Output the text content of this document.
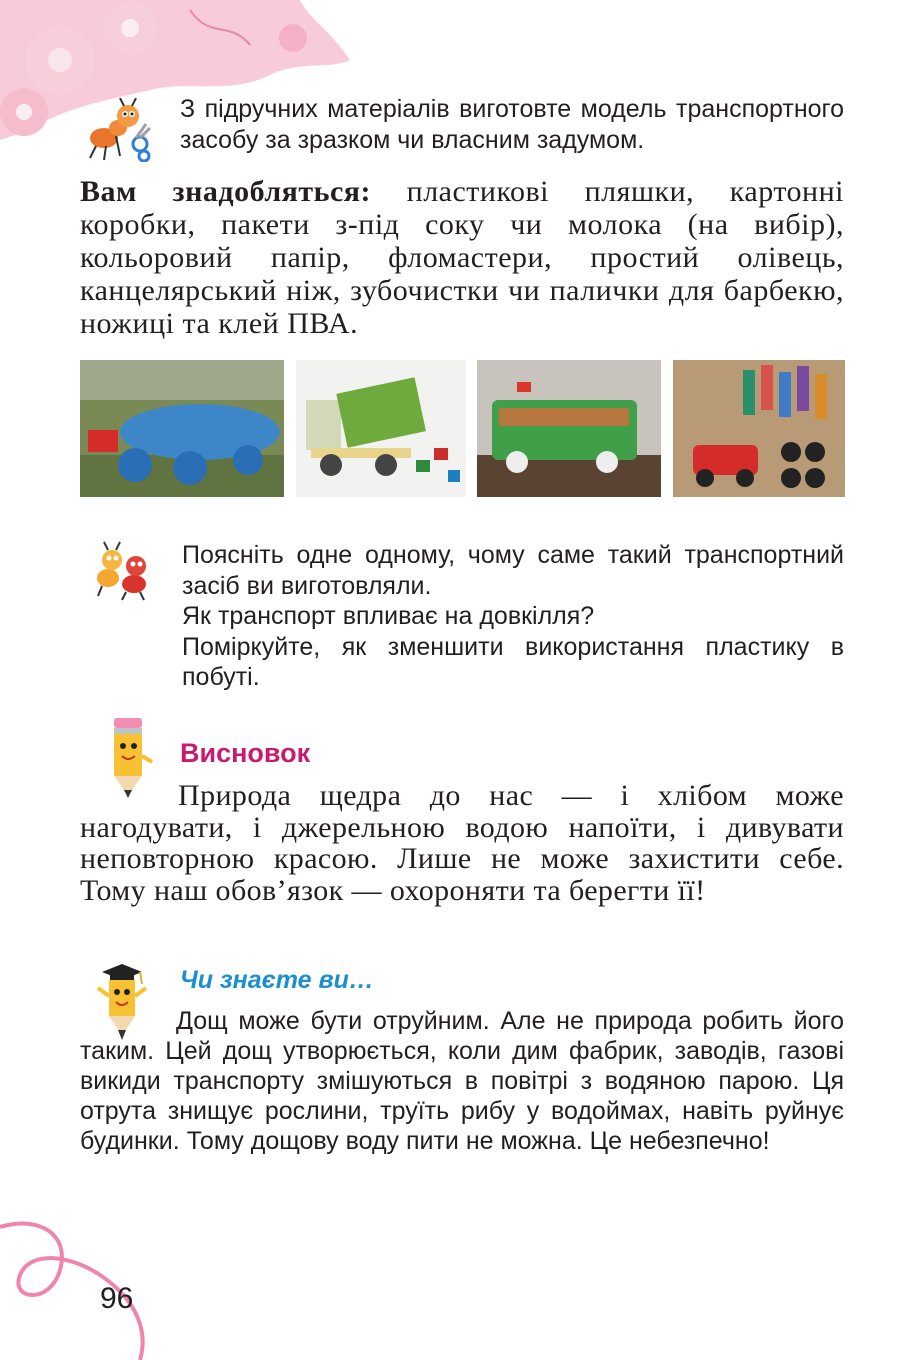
З підручних матеріалів виготовте модель транспортного засобу за зразком чи власним задумом.
Вам знадобляться: пластикові пляшки, картонні коробки, пакети з-під соку чи молока (на вибір), кольоровий папір, фломастери, простий олівець, канцелярський ніж, зубочистки чи палички для барбекю, ножиці та клей ПВА.

Поясніть одне одному, чому саме такий транспортний засіб ви виготовляли.

Як транспорт впливає на довкілля?

Поміркуйте, як зменшити використання пластику в побуті.

Висновок
Природа щедра до нас — і хлібом може нагодувати, і джерельною водою напоїти, і дивувати неповторною красою. Лише не може захистити себе. Тому наш обов’язок — охороняти та берегти її!
Чи знаєте ви…
Дощ може бути отруйним. Але не природа робить його таким. Цей дощ утворюється, коли дим фабрик, заводів, газові викиди транспорту змішуються в повітрі з водяною парою. Ця отрута знищує рослини, труїть рибу у водоймах, навіть руйнує будинки. Тому дощову воду пити не можна. Це небезпечно!
96
